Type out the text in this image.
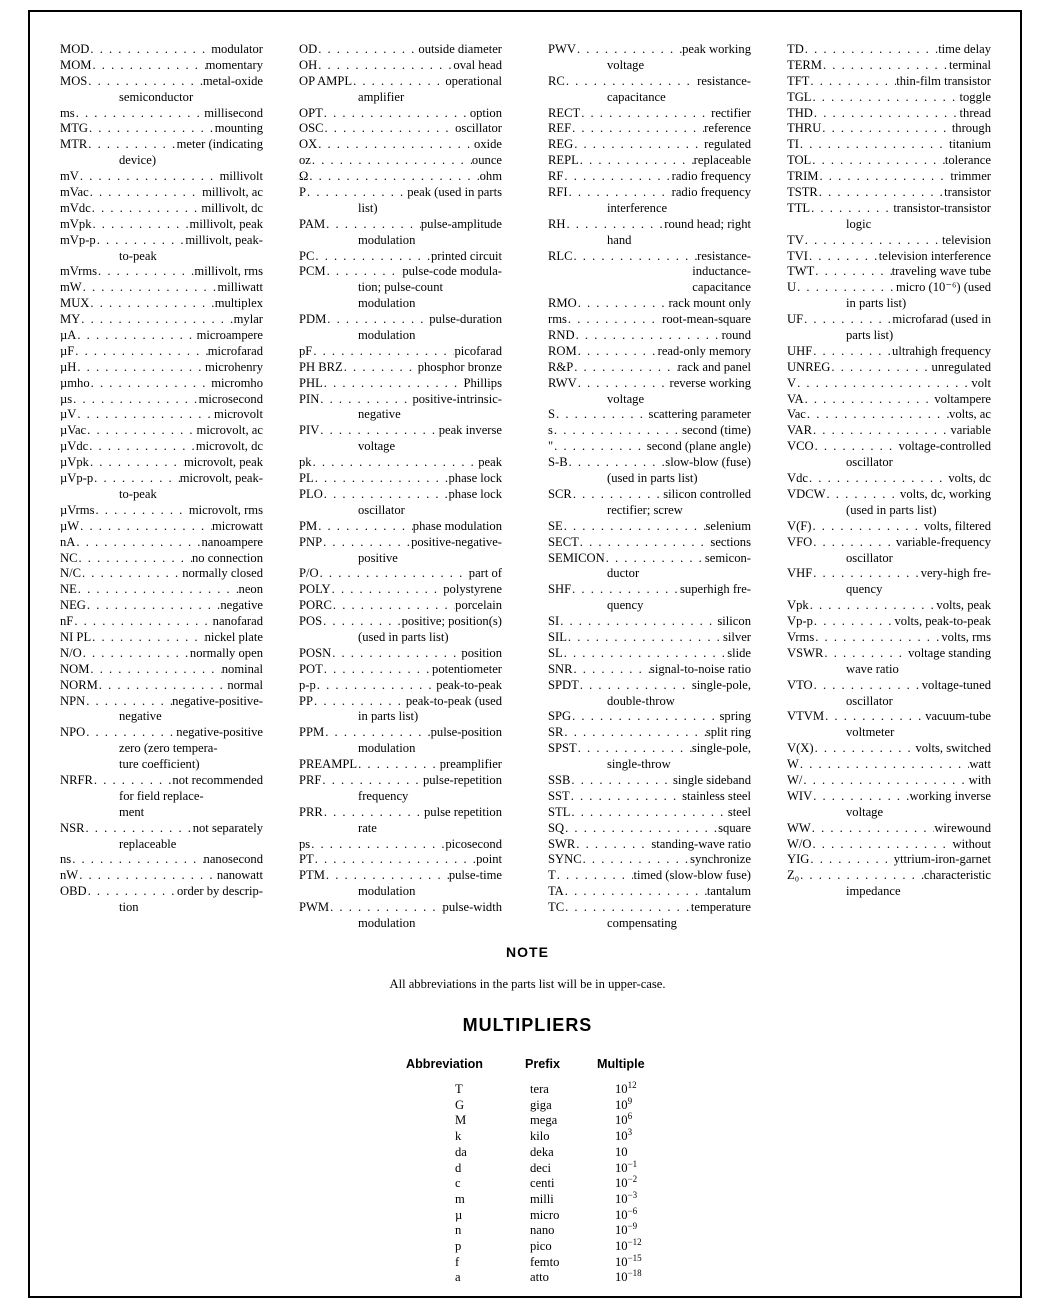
MOD . . .	modulator
MOM . . .	momentary
MOS . . .	metal-oxide
semiconductor
ms . . .	millisecond
MTG . . .	mounting
MTR . . .	meter (indicating
device)
mV . . .	millivolt
mVac . . .	millivolt, ac
mVdc . . .	millivolt, dc
mVpk . . .	millivolt, peak
mVp-p . . .	millivolt, peak-
to-peak
mVrms . . .	millivolt, rms
mW . . .	milliwatt
MUX . . .	multiplex
MY . . .	mylar
µA . . .	microampere
µF . . .	microfarad
µH . . .	microhenry
µmho . . .	micromho
µs . . .	microsecond
µV . . .	microvolt
µVac . . .	microvolt, ac
µVdc . . .	microvolt, dc
µVpk . . .	microvolt, peak
µVp-p . . .	microvolt, peak-
to-peak
µVrms . . .	microvolt, rms
µW . . .	microwatt
nA . . .	nanoampere
NC . . .	no connection
N/C . . .	normally closed
NE . . .	neon
NEG . . .	negative
nF . . .	nanofarad
NI PL . . .	nickel plate
N/O . . .	normally open
NOM . . .	nominal
NORM . . .	normal
NPN . . .	negative-positive-
negative
NPO . . .	negative-positive
zero (zero tempera-
ture coefficient)
NRFR . . .	not recommended
for field replace-
ment
NSR . . .	not separately
replaceable
ns . . .	nanosecond
nW . . .	nanowatt
OBD . . .	order by descrip-
tion
OD . . .	outside diameter
OH . . .	oval head
OP AMPL . . .	operational
amplifier
OPT . . .	option
OSC . . .	oscillator
OX . . .	oxide
oz . . .	ounce
Ω . . .	ohm
P . . .	peak (used in parts
list)
PAM . . .	pulse-amplitude
modulation
PC . . .	printed circuit
PCM . . .	pulse-code modula-
tion; pulse-count
modulation
PDM . . .	pulse-duration
modulation
pF . . .	picofarad
PH BRZ . . .	phosphor bronze
PHL . . .	Phillips
PIN . . .	positive-intrinsic-
negative
PIV . . .	peak inverse
voltage
pk . . .	peak
PL . . .	phase lock
PLO . . .	phase lock
oscillator
PM . . .	phase modulation
PNP . . .	positive-negative-
positive
P/O . . .	part of
POLY . . .	polystyrene
PORC . . .	porcelain
POS . . .	positive; position(s)
(used in parts list)
POSN . . .	position
POT . . .	potentiometer
p-p . . .	peak-to-peak
PP . . .	peak-to-peak (used
in parts list)
PPM . . .	pulse-position
modulation
PREAMPL . . .	preamplifier
PRF . . .	pulse-repetition
frequency
PRR . . .	pulse repetition
rate
ps . . .	picosecond
PT . . .	point
PTM . . .	pulse-time
modulation
PWM . . .	pulse-width
modulation
PWV . . .	peak working
voltage
RC . . .	resistance-
capacitance
RECT . . .	rectifier
REF . . .	reference
REG . . .	regulated
REPL . . .	replaceable
RF . . .	radio frequency
RFI . . .	radio frequency
interference
RH . . .	round head; right
hand
RLC . . .	resistance-
inductance-
capacitance
RMO . . .	rack mount only
rms . . .	root-mean-square
RND . . .	round
ROM . . .	read-only memory
R&P . . .	rack and panel
RWV . . .	reverse working
voltage
S . . .	scattering parameter
s . . .	second (time)
" . . .	second (plane angle)
S-B . . .	slow-blow (fuse)
(used in parts list)
SCR . . .	silicon controlled
rectifier; screw
SE . . .	selenium
SECT . . .	sections
SEMICON . . .	semicon-
ductor
SHF . . .	superhigh fre-
quency
SI . . .	silicon
SIL . . .	silver
SL . . .	slide
SNR . . .	signal-to-noise ratio
SPDT . . .	single-pole,
double-throw
SPG . . .	spring
SR . . .	split ring
SPST . . .	single-pole,
single-throw
SSB . . .	single sideband
SST . . .	stainless steel
STL . . .	steel
SQ . . .	square
SWR . . .	standing-wave ratio
SYNC . . .	synchronize
T . . .	timed (slow-blow fuse)
TA . . .	tantalum
TC . . .	temperature
compensating
TD . . .	time delay
TERM . . .	terminal
TFT . . .	thin-film transistor
TGL . . .	toggle
THD . . .	thread
THRU . . .	through
TI . . .	titanium
TOL . . .	tolerance
TRIM . . .	trimmer
TSTR . . .	transistor
TTL . . .	transistor-transistor
logic
TV . . .	television
TVI . . .	television interference
TWT . . .	traveling wave tube
U . . .	micro (10⁻⁶) (used
in parts list)
UF . . .	microfarad (used in
parts list)
UHF . . .	ultrahigh frequency
UNREG . . .	unregulated
V . . .	volt
VA . . .	voltampere
Vac . . .	volts, ac
VAR . . .	variable
VCO . . .	voltage-controlled
oscillator
Vdc . . .	volts, dc
VDCW . . .	volts, dc, working
(used in parts list)
V(F) . . .	volts, filtered
VFO . . .	variable-frequency
oscillator
VHF . . .	very-high fre-
quency
Vpk . . .	volts, peak
Vp-p . . .	volts, peak-to-peak
Vrms . . .	volts, rms
VSWR . . .	voltage standing
wave ratio
VTO . . .	voltage-tuned
oscillator
VTVM . . .	vacuum-tube
voltmeter
V(X) . . .	volts, switched
W . . .	watt
W/ . . .	with
WIV . . .	working inverse
voltage
WW . . .	wirewound
W/O . . .	without
YIG . . .	yttrium-iron-garnet
Z₀ . . .	characteristic
impedance
NOTE
All abbreviations in the parts list will be in upper-case.
MULTIPLIERS
Abbreviation	Prefix	Multiple
T	tera	$10^{12}$
G	giga	$10^9$
M	mega	$10^6$
k	kilo	$10^3$
da	deka	10
d	deci	$10^{-1}$
c	centi	$10^{-2}$
m	milli	$10^{-3}$
µ	micro	$10^{-6}$
n	nano	$10^{-9}$
p	pico	$10^{-12}$
f	femto	$10^{-15}$
a	atto	$10^{-18}$
